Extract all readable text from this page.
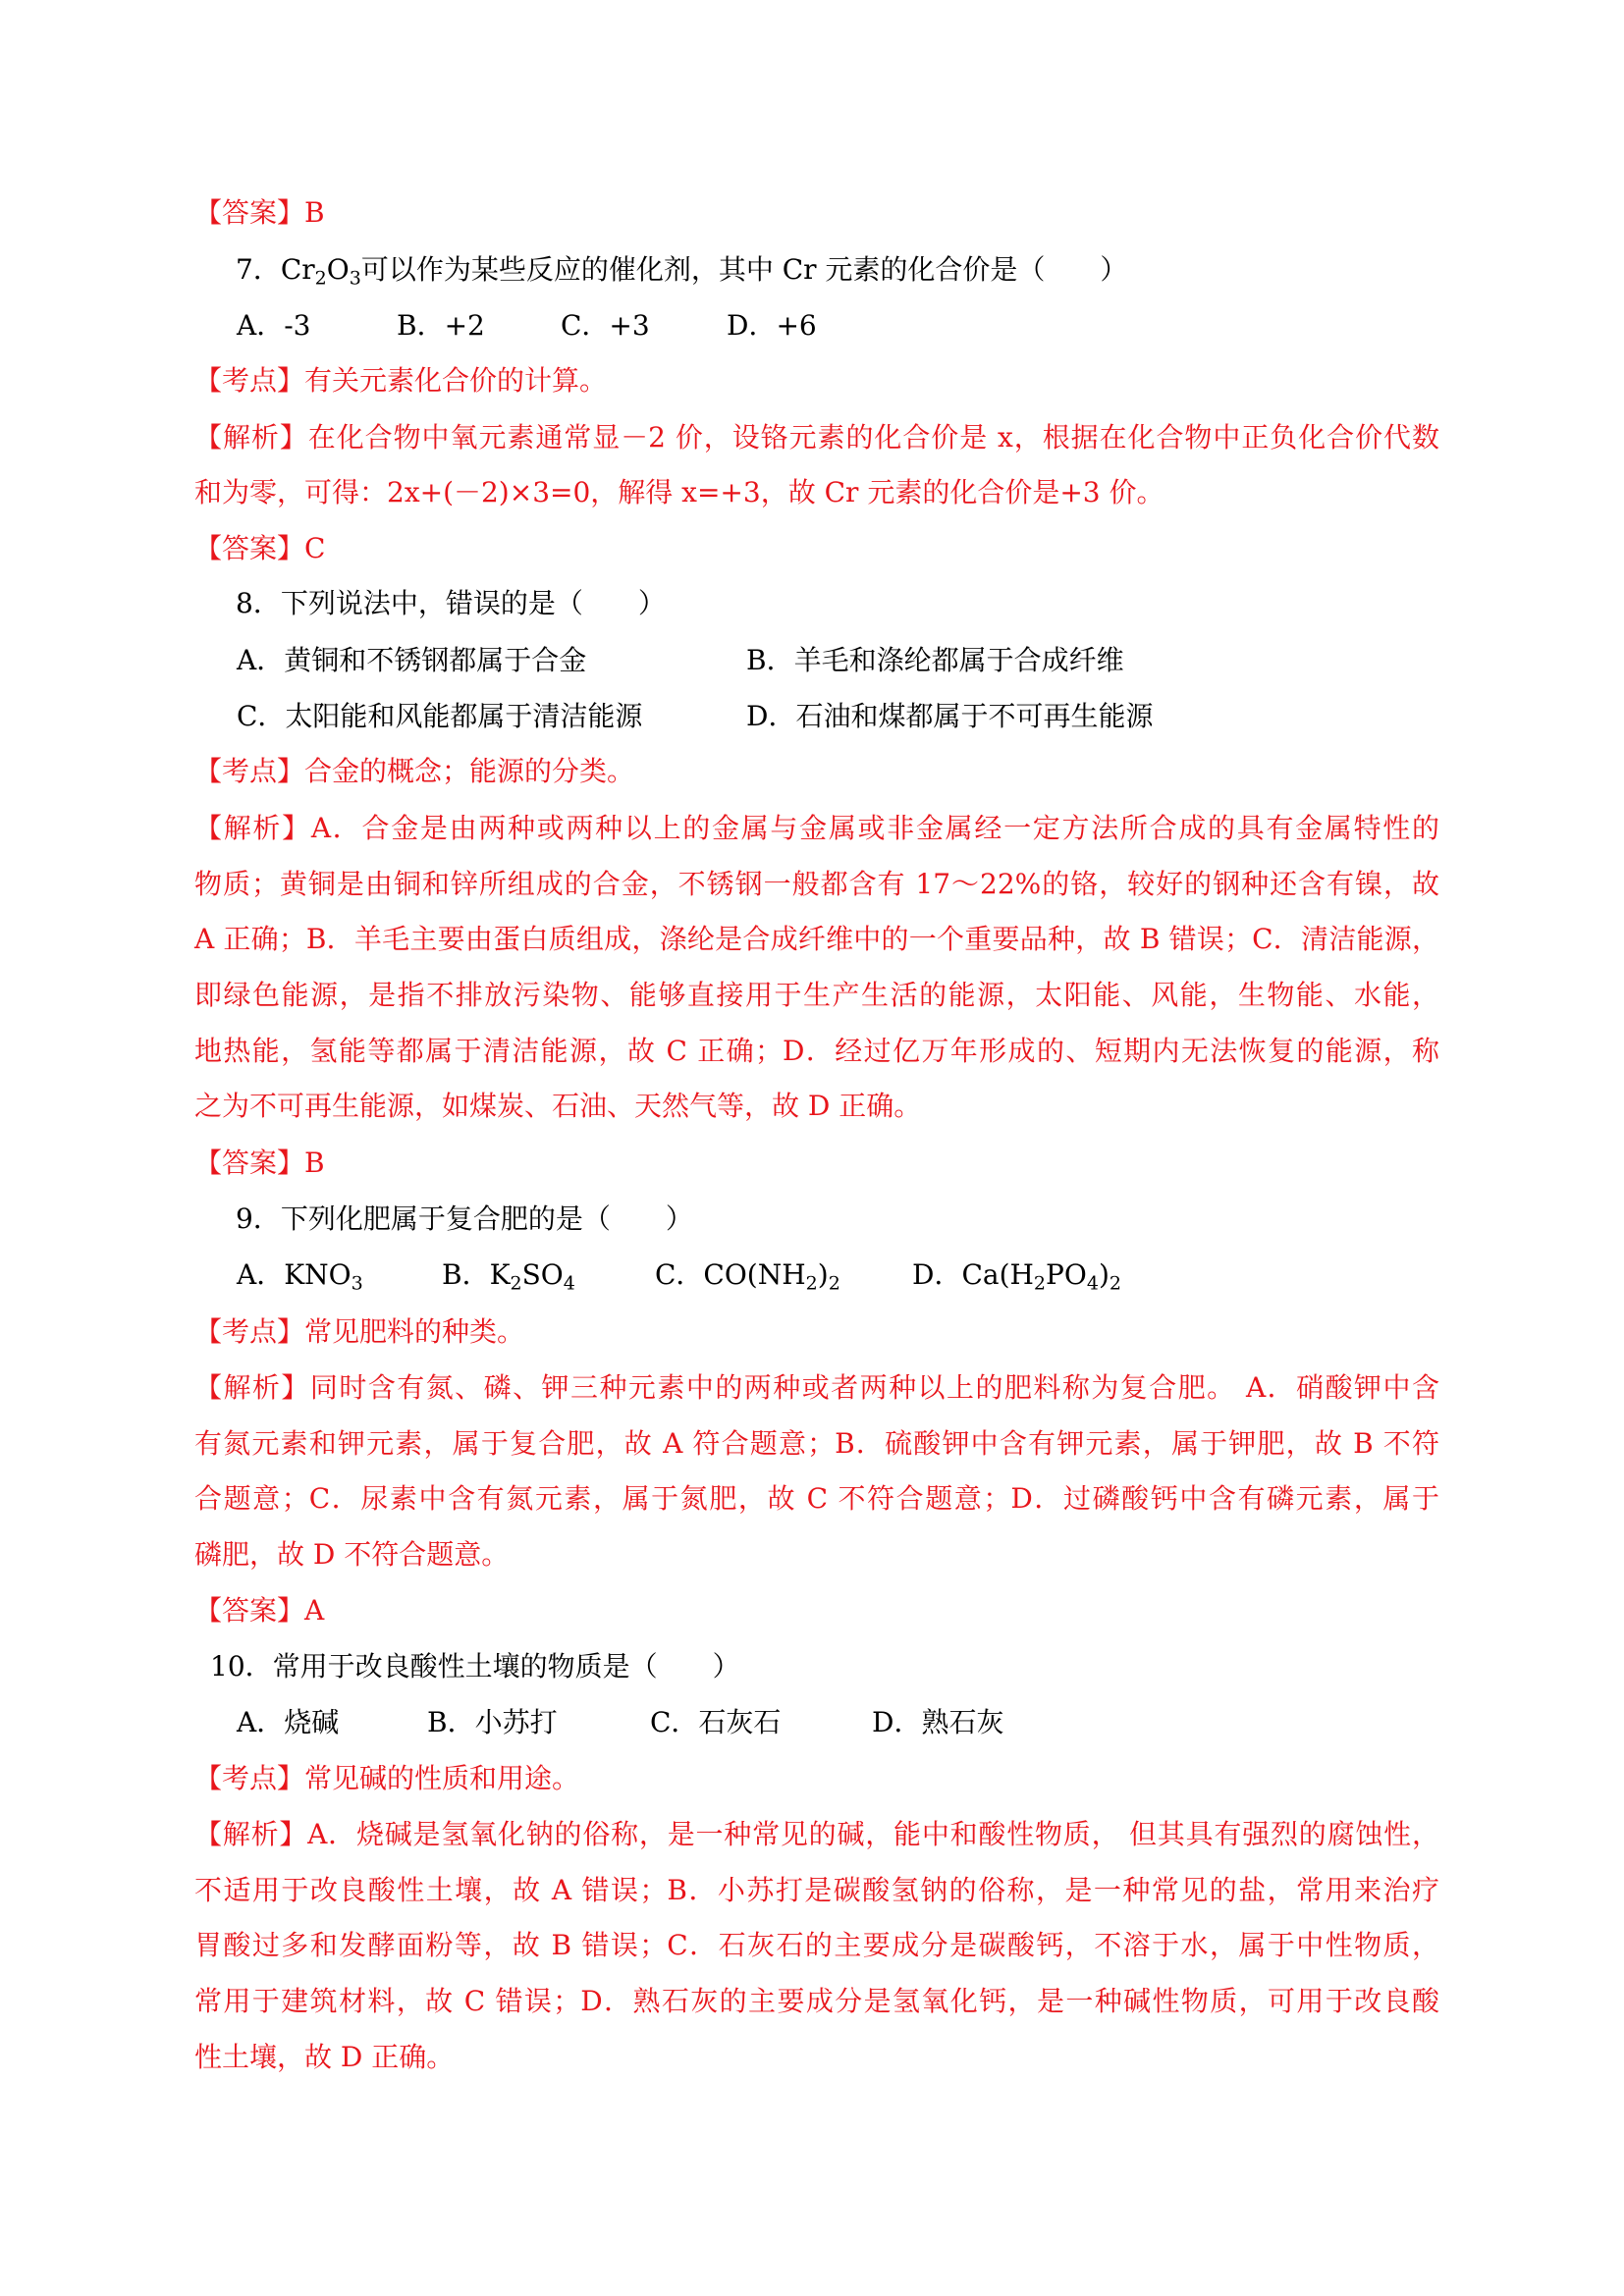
【答案】B
7．$Cr_2O_3$可以作为某些反应的催化剂，其中 Cr 元素的化合价是（　　）
A．-3	B．+2	C．+3	D．+6
【考点】有关元素化合价的计算。
【解析】在化合物中氧元素通常显－2 价，设铬元素的化合价是 x，根据在化合物中正负化合价代数
和为零，可得：2x+(－2)×3=0，解得 x=+3，故 Cr 元素的化合价是+3 价。
【答案】C
8．下列说法中，错误的是（　　）
A．黄铜和不锈钢都属于合金	B．羊毛和涤纶都属于合成纤维
C．太阳能和风能都属于清洁能源	D．石油和煤都属于不可再生能源
【考点】合金的概念；能源的分类。
【解析】A．合金是由两种或两种以上的金属与金属或非金属经一定方法所合成的具有金属特性的
物质；黄铜是由铜和锌所组成的合金，不锈钢一般都含有 17～22%的铬，较好的钢种还含有镍，故
A 正确；B．羊毛主要由蛋白质组成，涤纶是合成纤维中的一个重要品种，故 B 错误；C．清洁能源，
即绿色能源，是指不排放污染物、能够直接用于生产生活的能源，太阳能、风能，生物能、水能，
地热能，氢能等都属于清洁能源，故 C 正确；D．经过亿万年形成的、短期内无法恢复的能源，称
之为不可再生能源，如煤炭、石油、天然气等，故 D 正确。
【答案】B
9．下列化肥属于复合肥的是（　　）
A．$KNO_3$	B．$K_2SO_4$	C．$CO(NH_2)_2$	D．$Ca(H_2PO_4)_2$
【考点】常见肥料的种类。
【解析】同时含有氮、磷、钾三种元素中的两种或者两种以上的肥料称为复合肥。 A．硝酸钾中含
有氮元素和钾元素，属于复合肥，故 A 符合题意；B．硫酸钾中含有钾元素，属于钾肥，故 B 不符
合题意；C．尿素中含有氮元素，属于氮肥，故 C 不符合题意；D．过磷酸钙中含有磷元素，属于
磷肥，故 D 不符合题意。
【答案】A
10．常用于改良酸性土壤的物质是（　　）
A．烧碱	B．小苏打	C．石灰石	D．熟石灰
【考点】常见碱的性质和用途。
【解析】A．烧碱是氢氧化钠的俗称，是一种常见的碱，能中和酸性物质， 但其具有强烈的腐蚀性，
不适用于改良酸性土壤，故 A 错误；B．小苏打是碳酸氢钠的俗称，是一种常见的盐，常用来治疗
胃酸过多和发酵面粉等，故 B 错误；C．石灰石的主要成分是碳酸钙，不溶于水，属于中性物质，
常用于建筑材料，故 C 错误；D．熟石灰的主要成分是氢氧化钙，是一种碱性物质，可用于改良酸
性土壤，故 D 正确。
